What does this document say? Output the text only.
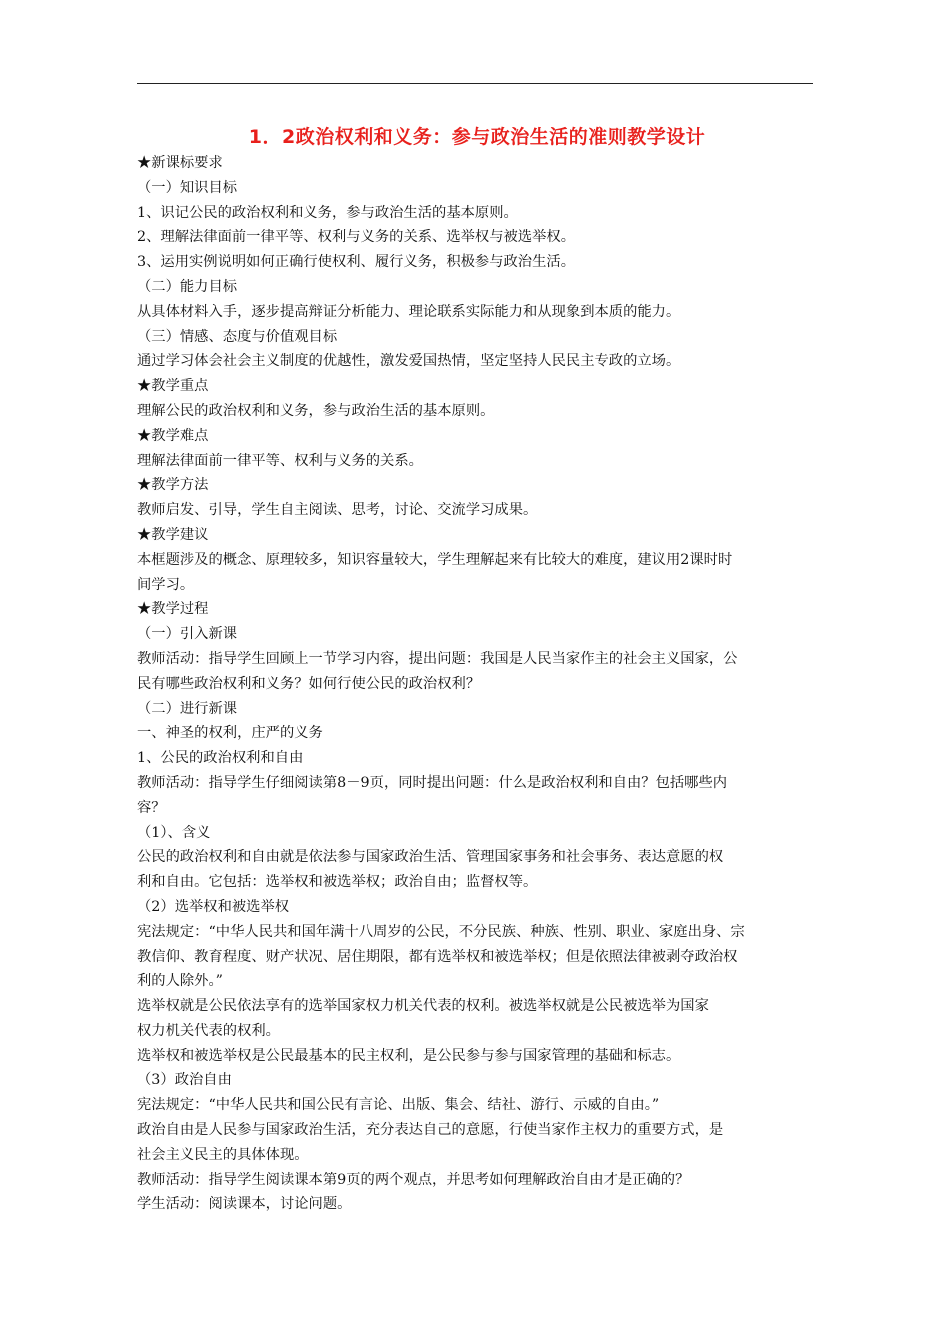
1．2政治权利和义务：参与政治生活的准则教学设计
★新课标要求
（一）知识目标
1、识记公民的政治权利和义务，参与政治生活的基本原则。
2、理解法律面前一律平等、权利与义务的关系、选举权与被选举权。
3、运用实例说明如何正确行使权利、履行义务，积极参与政治生活。
（二）能力目标
从具体材料入手，逐步提高辩证分析能力、理论联系实际能力和从现象到本质的能力。
（三）情感、态度与价值观目标
通过学习体会社会主义制度的优越性，激发爱国热情，坚定坚持人民民主专政的立场。
★教学重点
理解公民的政治权利和义务，参与政治生活的基本原则。
★教学难点
理解法律面前一律平等、权利与义务的关系。
★教学方法
教师启发、引导，学生自主阅读、思考，讨论、交流学习成果。
★教学建议
本框题涉及的概念、原理较多，知识容量较大，学生理解起来有比较大的难度，建议用2课时时
间学习。
★教学过程
（一）引入新课
教师活动：指导学生回顾上一节学习内容，提出问题：我国是人民当家作主的社会主义国家，公
民有哪些政治权利和义务？如何行使公民的政治权利？
（二）进行新课
一、神圣的权利，庄严的义务
1、公民的政治权利和自由
教师活动：指导学生仔细阅读第8－9页，同时提出问题：什么是政治权利和自由？包括哪些内
容？
（1）、含义
公民的政治权利和自由就是依法参与国家政治生活、管理国家事务和社会事务、表达意愿的权
利和自由。它包括：选举权和被选举权；政治自由；监督权等。
（2）选举权和被选举权
宪法规定：“中华人民共和国年满十八周岁的公民，不分民族、种族、性别、职业、家庭出身、宗
教信仰、教育程度、财产状况、居住期限，都有选举权和被选举权；但是依照法律被剥夺政治权
利的人除外。”
选举权就是公民依法享有的选举国家权力机关代表的权利。被选举权就是公民被选举为国家
权力机关代表的权利。
选举权和被选举权是公民最基本的民主权利，是公民参与参与国家管理的基础和标志。
（3）政治自由
宪法规定：“中华人民共和国公民有言论、出版、集会、结社、游行、示威的自由。”
政治自由是人民参与国家政治生活，充分表达自己的意愿，行使当家作主权力的重要方式，是
社会主义民主的具体体现。
教师活动：指导学生阅读课本第9页的两个观点，并思考如何理解政治自由才是正确的？
学生活动：阅读课本，讨论问题。
